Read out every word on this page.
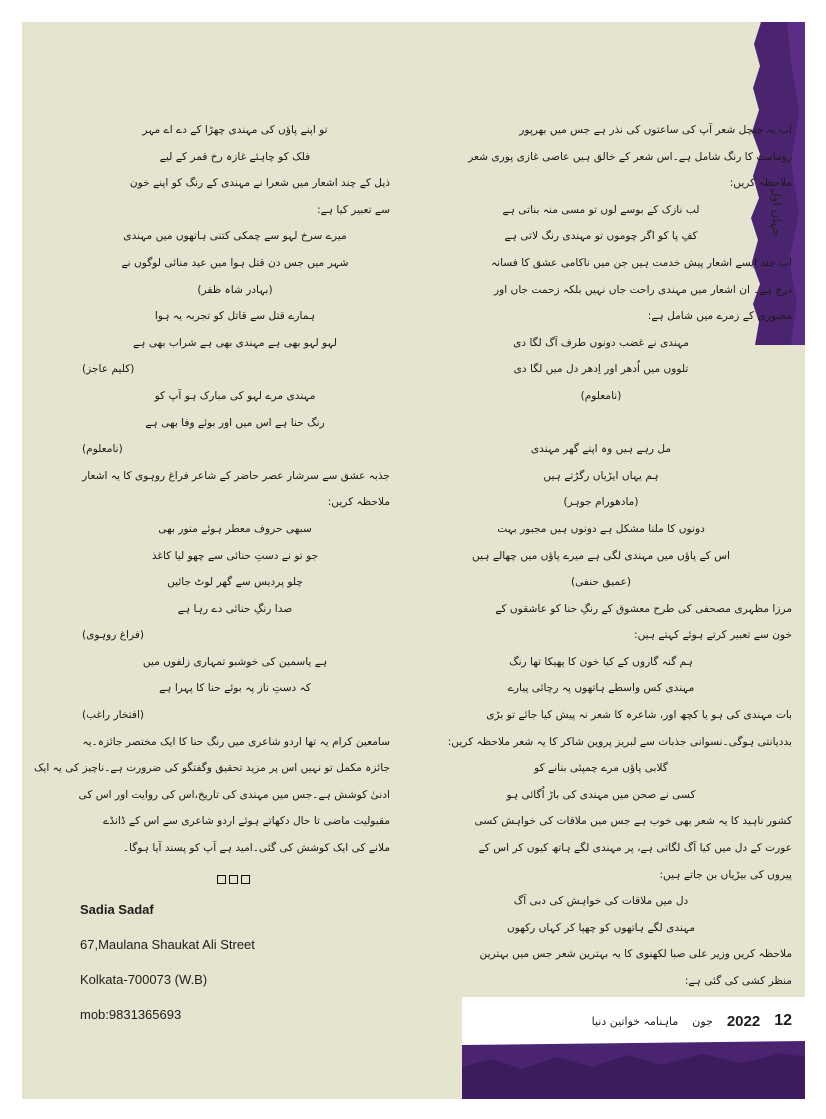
جہان اول
اب یہ چنچل شعر آپ کی ساعتوں کی نذر ہے جس میں بھرپور
رومانیت کا رنگ شامل ہے۔اس شعر کے خالق ہیں عاصی غازی پوری شعر
ملاحظہ کریں:
لب نازک کے بوسے لوں تو مسی منہ بناتی ہے
کفِ پا کو اگر چوموں تو مہندی رنگ لاتی ہے
اب چند ایسے اشعار پیش خدمت ہیں جن میں ناکامی عشق کا فسانہ
درج ہے۔ ان اشعار میں مہندی راحت جاں نہیں بلکہ زحمت جاں اور
مجبوری کے زمرے میں شامل ہے:
مہندی نے غضب دونوں طرف آگ لگا دی
تلووں میں اُدھر اور اِدھر دل میں لگا دی
(نامعلوم)
مل رہے ہیں وہ اپنے گھر مہندی
ہم یہاں ایڑیاں رگڑتے ہیں
(مادھورام جوہر)
دونوں کا ملنا مشکل ہے دونوں ہیں مجبور بہت
اس کے پاؤں میں مہندی لگی ہے میرے پاؤں میں چھالے ہیں
(عمیق حنفی)
مرزا مظہری مصحفی کی طرح معشوق کے رنگِ حنا کو عاشقوں کے
خون سے تعبیر کرتے ہوئے کہتے ہیں:
ہم گنہ گاروں کے کیا خون کا پھیکا تھا رنگ
مہندی کس واسطے ہاتھوں پہ رچائی پیارے
بات مہندی کی ہو یا کچھ اور، شاعرہ کا شعر نہ پیش کیا جائے تو بڑی
بددیانتی ہوگی۔نسوانی جذبات سے لبریز پروین شاکر کا یہ شعر ملاحظہ کریں:
گلابی پاؤں مرے چمپئی بنانے کو
کسی نے صحن میں مہندی کی باڑ اُگائی ہو
کشور ناہید کا یہ شعر بھی خوب ہے جس میں ملاقات کی خواہش کسی
عورت کے دل میں کیا آگ لگاتی ہے، پر مہندی لگے ہاتھ کیوں کر اس کے
پیروں کی بیڑیاں بن جاتے ہیں:
دل میں ملاقات کی خواہش کی دبی آگ
مہندی لگے ہاتھوں کو چھپا کر کہاں رکھوں
ملاحظہ کریں وزیر علی صبا لکھنوی کا یہ بہترین شعر جس میں بہترین
منظر کشی کی گئی ہے:
تو اپنے پاؤں کی مہندی چھڑا کے دے اے مہر
فلک کو چاہئے غازہ رخ قمر کے لیے
ذیل کے چند اشعار میں شعرا نے مہندی کے رنگ کو اپنے خون
سے تعبیر کیا ہے:
میرے سرخ لہو سے چمکی کتنی ہاتھوں میں مہندی
شہر میں جس دن قتل ہوا میں عید منائی لوگوں نے
(بہادر شاہ ظفر)
ہمارے قتل سے قاتل کو تجربہ یہ ہوا
لہو لہو بھی ہے مہندی بھی ہے شراب بھی ہے
(کلیم عاجز)
مہندی مرے لہو کی مبارک ہو آپ کو
رنگ حنا ہے اس میں اور بوئے وفا بھی ہے
(نامعلوم)
جذبہ عشق سے سرشار عصر حاضر کے شاعر فراغ روہوی کا یہ اشعار
ملاحظہ کریں:
سبھی حروف معطر ہوئے منور بھی
جو تو نے دستِ حنائی سے چھو لیا کاغذ
چلو پردیس سے گھر لوٹ جائیں
صدا رنگِ حنائی دے رہا ہے
(فراغ روہوی)
ہے یاسمین کی خوشبو تمہاری زلفوں میں
کہ دستِ ناز پہ بوئے حنا کا پہرا ہے
(افتخار راغب)
سامعین کرام یہ تھا اردو شاعری میں رنگ حنا کا ایک مختصر جائزہ۔یہ
جائزہ مکمل تو نہیں اس پر مزید تحقیق وگفتگو کی ضرورت ہے۔ناچیز کی یہ ایک
ادنیٰ کوشش ہے۔جس میں مہندی کی تاریخ،اس کی روایت اور اس کی
مقبولیت ماضی تا حال دکھاتے ہوئے اردو شاعری سے اس کے ڈانڈے
ملانے کی ایک کوشش کی گئی۔امید ہے آپ کو پسند آیا ہوگا۔
Sadia Sadaf
67,Maulana Shaukat Ali Street
Kolkata-700073 (W.B)
mob:9831365693	12
2022
جون
ماہنامہ خواتین دنیا
